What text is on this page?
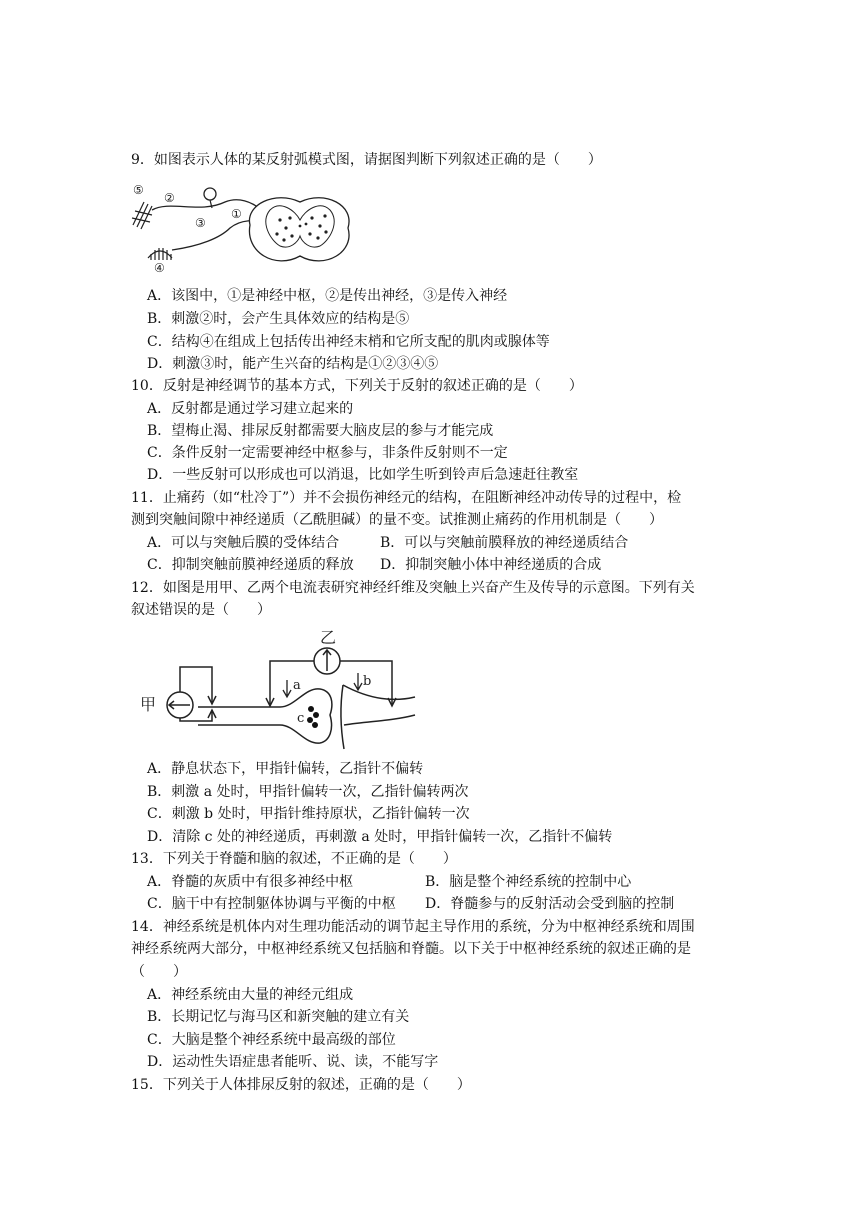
9．如图表示人体的某反射弧模式图，请据图判断下列叙述正确的是（　　）
⑤
②
①
③
④
A．该图中，①是神经中枢，②是传出神经，③是传入神经
B．刺激②时，会产生具体效应的结构是⑤
C．结构④在组成上包括传出神经末梢和它所支配的肌肉或腺体等
D．刺激③时，能产生兴奋的结构是①②③④⑤
10．反射是神经调节的基本方式，下列关于反射的叙述正确的是（　　）
A．反射都是通过学习建立起来的
B．望梅止渴、排尿反射都需要大脑皮层的参与才能完成
C．条件反射一定需要神经中枢参与，非条件反射则不一定
D．一些反射可以形成也可以消退，比如学生听到铃声后急速赶往教室
11．止痛药（如“杜冷丁”）并不会损伤神经元的结构，在阻断神经冲动传导的过程中，检
测到突触间隙中神经递质（乙酰胆碱）的量不变。试推测止痛药的作用机制是（　　）
A．可以与突触后膜的受体结合	B．可以与突触前膜释放的神经递质结合
C．抑制突触前膜神经递质的释放 D．抑制突触小体中神经递质的合成
12．如图是用甲、乙两个电流表研究神经纤维及突触上兴奋产生及传导的示意图。下列有关
叙述错误的是（　　）
乙
甲
a	b
c
A．静息状态下，甲指针偏转，乙指针不偏转
B．刺激 a 处时，甲指针偏转一次，乙指针偏转两次
C．刺激 b 处时，甲指针维持原状，乙指针偏转一次
D．清除 c 处的神经递质，再刺激 a 处时，甲指针偏转一次，乙指针不偏转
13．下列关于脊髓和脑的叙述，不正确的是（　　）
A．脊髓的灰质中有很多神经中枢	B．脑是整个神经系统的控制中心
C．脑干中有控制躯体协调与平衡的中枢 D．脊髓参与的反射活动会受到脑的控制
14．神经系统是机体内对生理功能活动的调节起主导作用的系统，分为中枢神经系统和周围
神经系统两大部分，中枢神经系统又包括脑和脊髓。以下关于中枢神经系统的叙述正确的是
（　　）
A．神经系统由大量的神经元组成
B．长期记忆与海马区和新突触的建立有关
C．大脑是整个神经系统中最高级的部位
D．运动性失语症患者能听、说、读，不能写字
15．下列关于人体排尿反射的叙述，正确的是（　　）
